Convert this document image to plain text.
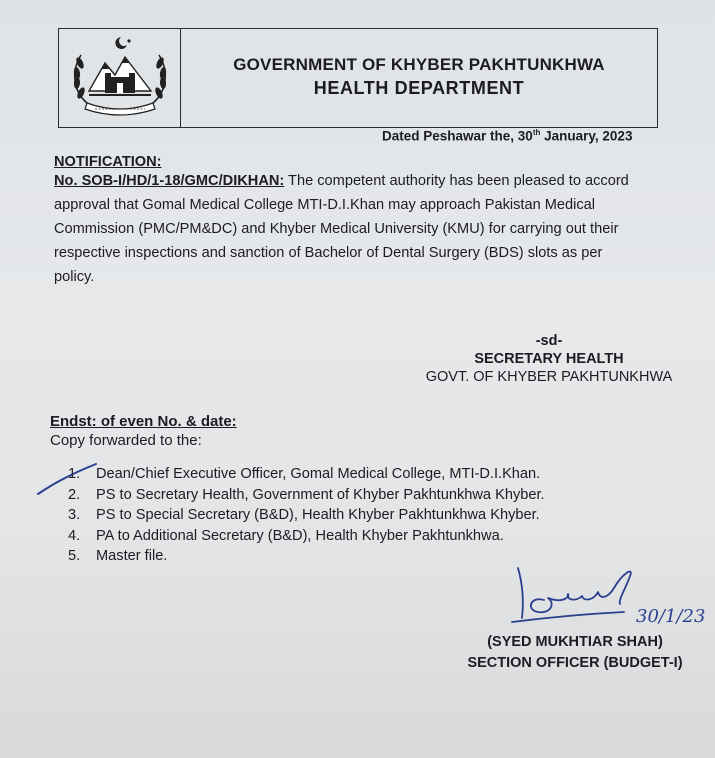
GOVERNMENT OF KHYBER PAKHTUNKHWA
HEALTH DEPARTMENT
Dated Peshawar the, 30th January, 2023
NOTIFICATION:
No. SOB-I/HD/1-18/GMC/DIKHAN: The competent authority has been pleased to accord
approval that Gomal Medical College MTI-D.I.Khan may approach Pakistan Medical
Commission (PMC/PM&DC) and Khyber Medical University (KMU) for carrying out their
respective inspections and sanction of Bachelor of Dental Surgery (BDS) slots as per
policy.
-sd-
SECRETARY HEALTH
GOVT. OF KHYBER PAKHTUNKHWA
Endst: of even No. & date:
Copy forwarded to the:
1. Dean/Chief Executive Officer, Gomal Medical College, MTI-D.I.Khan.
2. PS to Secretary Health, Government of Khyber Pakhtunkhwa Khyber.
3. PS to Special Secretary (B&D), Health Khyber Pakhtunkhwa Khyber.
4. PA to Additional Secretary (B&D), Health Khyber Pakhtunkhwa.
5. Master file.
30/1/23
(SYED MUKHTIAR SHAH)
SECTION OFFICER (BUDGET-I)
